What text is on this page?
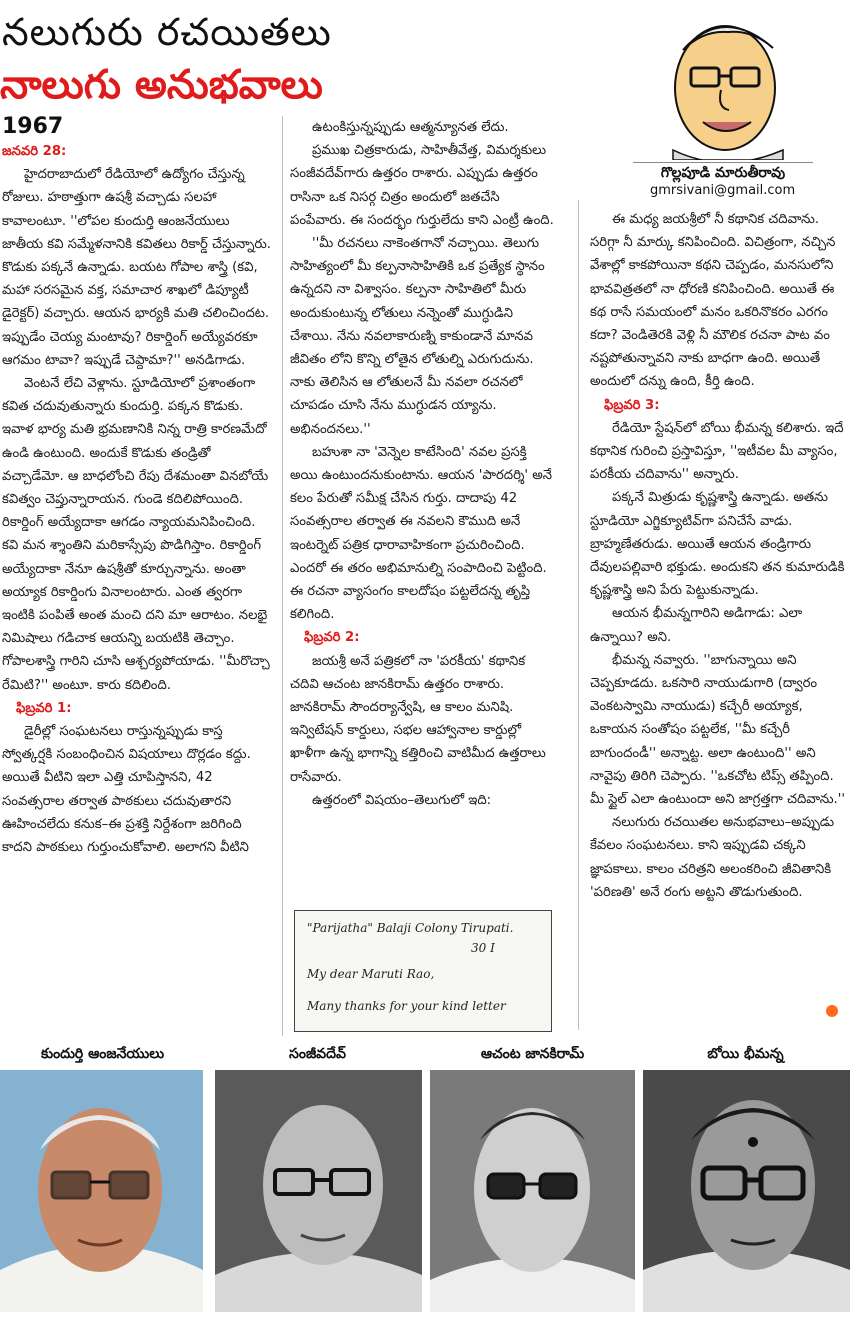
నలుగురు రచయితలు
నాలుగు అనుభవాలు
గొల్లపూడి మారుతీరావు
gmrsivani@gmail.com
1967

జనవరి 28:

హైదరాబాదులో రేడియోలో ఉద్యోగం చేస్తున్న రోజులు. హఠాత్తుగా ఉషశ్రీ వచ్చాడు సలహా కావాలంటూ. ''లోపల కుందుర్తి ఆంజనేయులు జాతీయ కవి సమ్మేళనానికి కవితలు రికార్డ్ చేస్తున్నారు. కొడుకు పక్కనే ఉన్నాడు. బయట గోపాల శాస్త్రి (కవి, మహా సరసమైన వక్త, సమాచార శాఖలో డిప్యూటీ డైరెక్టర్) వచ్చారు. ఆయన భార్యకి మతి చలించిందట. ఇప్పుడేం చెయ్య మంటావు? రికార్డింగ్ అయ్యేవరకూ ఆగమం టావా? ఇప్పుడే చెప్దామా?'' అనడిగాడు.

వెంటనే లేచి వెళ్లాను. స్టూడియోలో ప్రశాంతంగా కవిత చదువుతున్నారు కుందుర్తి. పక్కన కొడుకు. ఇవాళ భార్య మతి భ్రమణానికి నిన్న రాత్రి కారణమేదో ఉండి ఉంటుంది. అందుకే కొడుకు తండ్రితో వచ్చాడేమో. ఆ బాధలోంచి రేపు దేశమంతా వినబోయే కవిత్వం చెప్తున్నారాయన. గుండె కదిలిపోయింది. రికార్డింగ్ అయ్యేదాకా ఆగడం న్యాయమనిపించింది. కవి మన శ్శాంతిని మరికాస్సేపు పొడిగిస్తాం. రికార్డింగ్ అయ్యేదాకా నేనూ ఉషశ్రీతో కూర్చున్నాను. అంతా అయ్యాక రికార్డింగు వినాలంటారు. ఎంత త్వరగా ఇంటికి పంపితే అంత మంచి దని మా ఆరాటం. నలభై నిమిషాలు గడిచాక ఆయన్ని బయటికి తెచ్చాం. గోపాలశాస్త్రి గారిని చూసి ఆశ్చర్యపోయాడు. ''మీరొచ్చా రేమిటి?'' అంటూ. కారు కదిలింది.

ఫిబ్రవరి 1:

డైరీల్లో సంఘటనలు రాస్తున్నప్పుడు కాస్త స్వోత్కర్షకి సంబంధించిన విషయాలు దొర్లడం కద్దు. అయితే వీటిని ఇలా ఎత్తి చూపిస్తానని, 42 సంవత్సరాల తర్వాత పాఠకులు చదువుతారని ఊహించలేదు కనుక–ఈ ప్రశక్తి నిర్దేశంగా జరిగింది కాదని పాఠకులు గుర్తుంచుకోవాలి. అలాగని వీటిని

ఉటంకిస్తున్నప్పుడు ఆత్మన్యూనత లేదు.

ప్రముఖ చిత్రకారుడు, సాహితీవేత్త, విమర్శకులు సంజీవదేవ్‌గారు ఉత్తరం రాశారు. ఎప్పుడు ఉత్తరం రాసినా ఒక నిసర్గ చిత్రం అందులో జతచేసి పంపేవారు. ఈ సందర్భం గుర్తులేదు కాని ఎంట్రీ ఉంది.

''మీ రచనలు నాకెంతగానో నచ్చాయి. తెలుగు సాహిత్యంలో మీ కల్పనాసాహితికి ఒక ప్రత్యేక స్థానం ఉన్నదని నా విశ్వాసం. కల్పనా సాహితిలో మీరు అందుకుంటున్న లోతులు నన్నెంతో ముగ్ధుడిని చేశాయి. నేను నవలాకారుణ్ని కాకుండానే మానవ జీవితం లోని కొన్ని లోతైన లోతుల్ని ఎరుగుదును. నాకు తెలిసిన ఆ లోతులనే మీ నవలా రచనలో చూపడం చూసి నేను ముగ్ధుడన య్యాను. అభినందనలు.''

బహుశా నా 'వెన్నెల కాటేసింది' నవల ప్రసక్తి అయి ఉంటుందనుకుంటాను. ఆయన 'పారదర్శి' అనే కలం పేరుతో సమీక్ష చేసిన గుర్తు. దాదాపు 42 సంవత్సరాల తర్వాత ఈ నవలని కౌముది అనే ఇంటర్నెట్ పత్రిక ధారావాహికంగా ప్రచురించింది. ఎందరో ఈ తరం అభిమానుల్ని సంపాదించి పెట్టింది. ఈ రచనా వ్యాసంగం కాలదోషం పట్టలేదన్న తృప్తి కలిగింది.

ఫిబ్రవరి 2:

జయశ్రీ అనే పత్రికలో నా 'పరకీయ' కథానిక చదివి ఆచంట జానకిరామ్ ఉత్తరం రాశారు. జానకిరామ్ సౌందర్యాన్వేషి, ఆ కాలం మనిషి. ఇన్విటేషన్ కార్డులు, సభల ఆహ్వానాల కార్డుల్లో ఖాళీగా ఉన్న భాగాన్ని కత్తిరించి వాటిమీద ఉత్తరాలు రాసేవారు.

ఉత్తరంలో విషయం–తెలుగులో ఇది:

ఈ మధ్య జయశ్రీలో నీ కథానిక చదివాను. సరిగ్గా నీ మార్కు కనిపించింది. విచిత్రంగా, నచ్చిన వేశాల్లో కాకపోయినా కథని చెప్పడం, మనసులోని భావవిత్రతలో నా ధోరణి కనిపించింది. అయితే ఈ కథ రాసే సమయంలో మనం ఒకరినొకరం ఎరగం కదా? వెండితెరకి వెళ్లి నీ మౌలిక రచనా పాట వం నష్టపోతున్నావని నాకు బాధగా ఉంది. అయితే అందులో దన్ను ఉంది, కీర్తి ఉంది.

ఫిబ్రవరి 3:

రేడియో స్టేషన్‌లో బోయి భీమన్న కలిశారు. ఇదే కథానిక గురించి ప్రస్తావిస్తూ, ''ఇటీవల మీ వ్యాసం, పరకీయ చదివాను'' అన్నారు.

పక్కనే మిత్రుడు కృష్ణశాస్త్రి ఉన్నాడు. అతను స్టూడియో ఎగ్జిక్యూటివ్‌గా పనిచేసే వాడు. బ్రాహ్మణేతరుడు. అయితే ఆయన తండ్రిగారు దేవులపల్లివారి భక్తుడు. అందుకని తన కుమారుడికి కృష్ణశాస్త్రి అని పేరు పెట్టుకున్నాడు.

ఆయన భీమన్నగారిని అడిగాడు: ఎలా ఉన్నాయి? అని.

భీమన్న నవ్వారు. ''బాగున్నాయి అని చెప్పకూడదు. ఒకసారి నాయుడుగారి (ద్వారం వెంకటస్వామి నాయుడు) కచ్చేరీ అయ్యాక, ఒకాయన సంతోషం పట్టలేక, ''మీ కచ్చేరీ బాగుందండీ'' అన్నాట్ట. అలా ఉంటుంది'' అని నావైపు తిరిగి చెప్పారు. ''ఒకచోట టిప్స్ తప్పింది. మీ స్టైల్ ఎలా ఉంటుందా అని జాగ్రత్తగా చదివాను.''

నలుగురు రచయితల అనుభవాలు–అప్పుడు కేవలం సంఘటనలు. కాని ఇప్పుడవి చక్కని జ్ఞాపకాలు. కాలం చరిత్రని అలంకరించి జీవితానికి 'పరిణతి' అనే రంగు అట్టని తొడుగుతుంది.

"Parijatha" Balaji Colony Tirupati.
30 I
My dear Maruti Rao,
Many thanks for your kind letter
కుందుర్తి ఆంజనేయులు	సంజీవదేవ్	ఆచంట జానకిరామ్	బోయి భీమన్న
